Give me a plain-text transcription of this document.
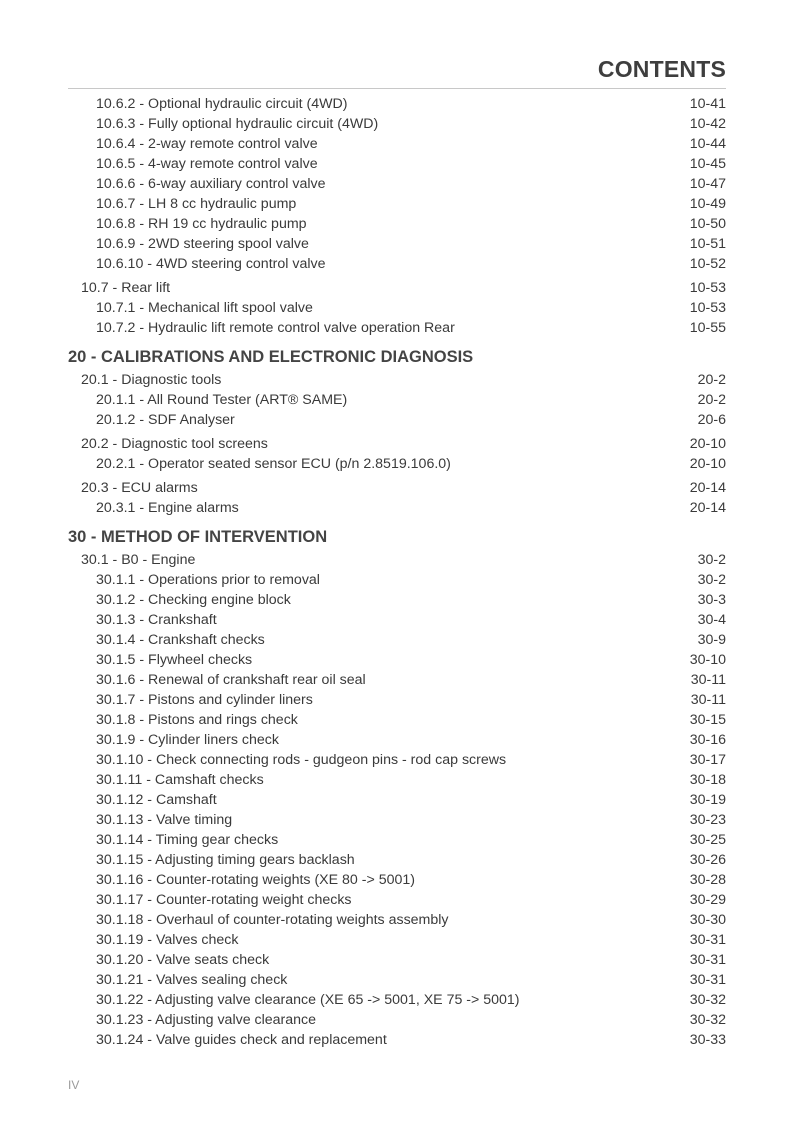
CONTENTS
10.6.2 - Optional hydraulic circuit (4WD)	10-41
10.6.3 - Fully optional hydraulic circuit (4WD)	10-42
10.6.4 - 2-way remote control valve	10-44
10.6.5 - 4-way remote control valve	10-45
10.6.6 - 6-way auxiliary control valve	10-47
10.6.7 - LH 8 cc hydraulic pump	10-49
10.6.8 - RH 19 cc hydraulic pump	10-50
10.6.9 - 2WD steering spool valve	10-51
10.6.10 - 4WD steering control valve	10-52
10.7 - Rear lift	10-53
10.7.1 - Mechanical lift spool valve	10-53
10.7.2 - Hydraulic lift remote control valve operation Rear	10-55
20 - CALIBRATIONS AND ELECTRONIC DIAGNOSIS
20.1 - Diagnostic tools	20-2
20.1.1 - All Round Tester (ART® SAME)	20-2
20.1.2 - SDF Analyser	20-6
20.2 - Diagnostic tool screens	20-10
20.2.1 - Operator seated sensor ECU (p/n 2.8519.106.0)	20-10
20.3 - ECU alarms	20-14
20.3.1 - Engine alarms	20-14
30 - METHOD OF INTERVENTION
30.1 - B0 - Engine	30-2
30.1.1 - Operations prior to removal	30-2
30.1.2 - Checking engine block	30-3
30.1.3 - Crankshaft	30-4
30.1.4 - Crankshaft checks	30-9
30.1.5 - Flywheel checks	30-10
30.1.6 - Renewal of crankshaft rear oil seal	30-11
30.1.7 - Pistons and cylinder liners	30-11
30.1.8 - Pistons and rings check	30-15
30.1.9 - Cylinder liners check	30-16
30.1.10 - Check connecting rods - gudgeon pins - rod cap screws	30-17
30.1.11 - Camshaft checks	30-18
30.1.12 - Camshaft	30-19
30.1.13 - Valve timing	30-23
30.1.14 - Timing gear checks	30-25
30.1.15 - Adjusting timing gears backlash	30-26
30.1.16 - Counter-rotating weights (XE 80 -> 5001)	30-28
30.1.17 - Counter-rotating weight checks	30-29
30.1.18 - Overhaul of counter-rotating weights assembly	30-30
30.1.19 - Valves check	30-31
30.1.20 - Valve seats check	30-31
30.1.21 - Valves sealing check	30-31
30.1.22 - Adjusting valve clearance (XE 65 -> 5001, XE 75 -> 5001)	30-32
30.1.23 - Adjusting valve clearance	30-32
30.1.24 - Valve guides check and replacement	30-33
IV
